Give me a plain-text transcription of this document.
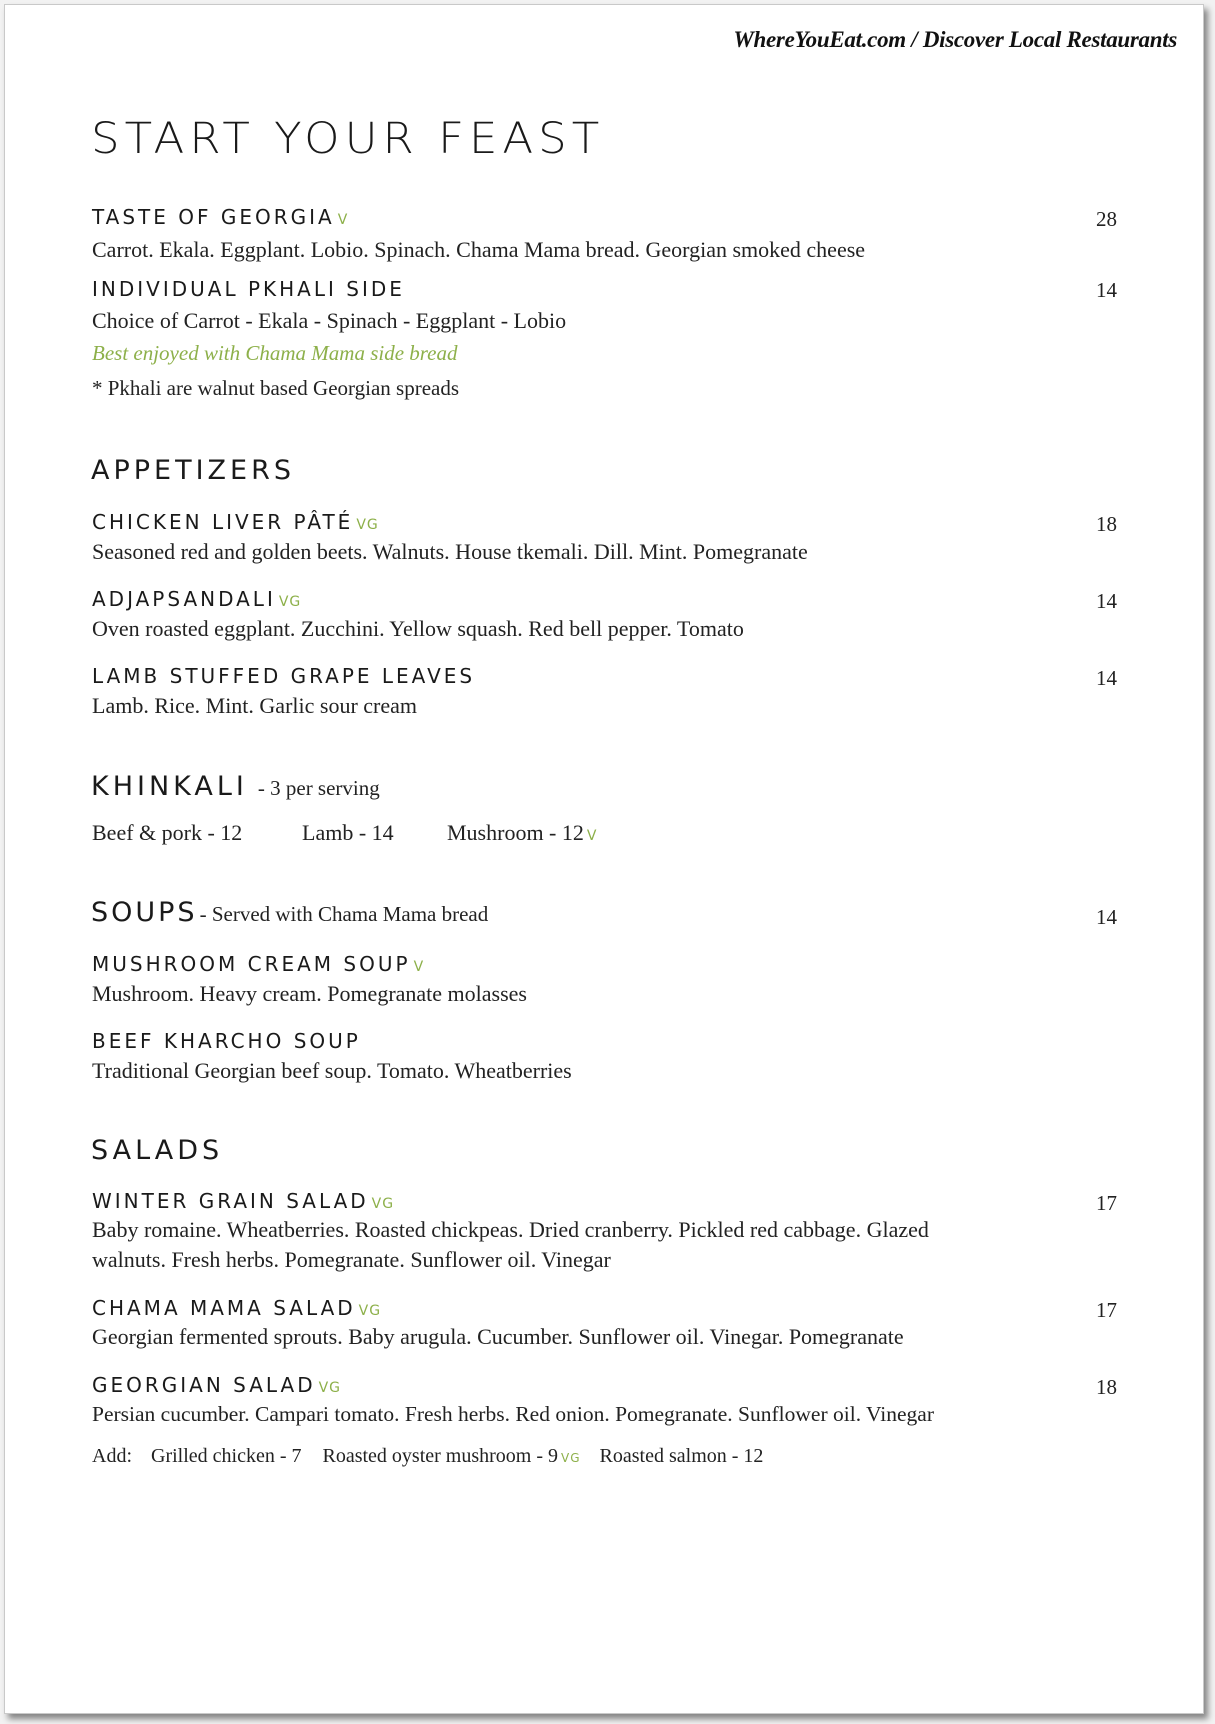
WhereYouEat.com / Discover Local Restaurants
START YOUR FEAST
TASTE OF GEORGIA V	28
Carrot. Ekala. Eggplant. Lobio. Spinach. Chama Mama bread. Georgian smoked cheese
INDIVIDUAL PKHALI SIDE	14
Choice of Carrot - Ekala - Spinach - Eggplant - Lobio
Best enjoyed with Chama Mama side bread
* Pkhali are walnut based Georgian spreads
APPETIZERS
CHICKEN LIVER PÂTÉ VG	18
Seasoned red and golden beets. Walnuts. House tkemali. Dill. Mint. Pomegranate
ADJAPSANDALI VG	14
Oven roasted eggplant. Zucchini. Yellow squash. Red bell pepper. Tomato
LAMB STUFFED GRAPE LEAVES	14
Lamb. Rice. Mint. Garlic sour cream
KHINKALI - 3 per serving
Beef & pork - 12	Lamb - 14 Mushroom - 12 V
SOUPS- Served with Chama Mama bread	14
MUSHROOM CREAM SOUP V
Mushroom. Heavy cream. Pomegranate molasses
BEEF KHARCHO SOUP
Traditional Georgian beef soup. Tomato. Wheatberries
SALADS
WINTER GRAIN SALAD VG	17
Baby romaine. Wheatberries. Roasted chickpeas. Dried cranberry. Pickled red cabbage. Glazed
walnuts. Fresh herbs. Pomegranate. Sunflower oil. Vinegar
CHAMA MAMA SALAD VG	17
Georgian fermented sprouts. Baby arugula. Cucumber. Sunflower oil. Vinegar. Pomegranate
GEORGIAN SALAD VG	18
Persian cucumber. Campari tomato. Fresh herbs. Red onion. Pomegranate. Sunflower oil. Vinegar
Add: Grilled chicken - 7 Roasted oyster mushroom - 9 VG Roasted salmon - 12
